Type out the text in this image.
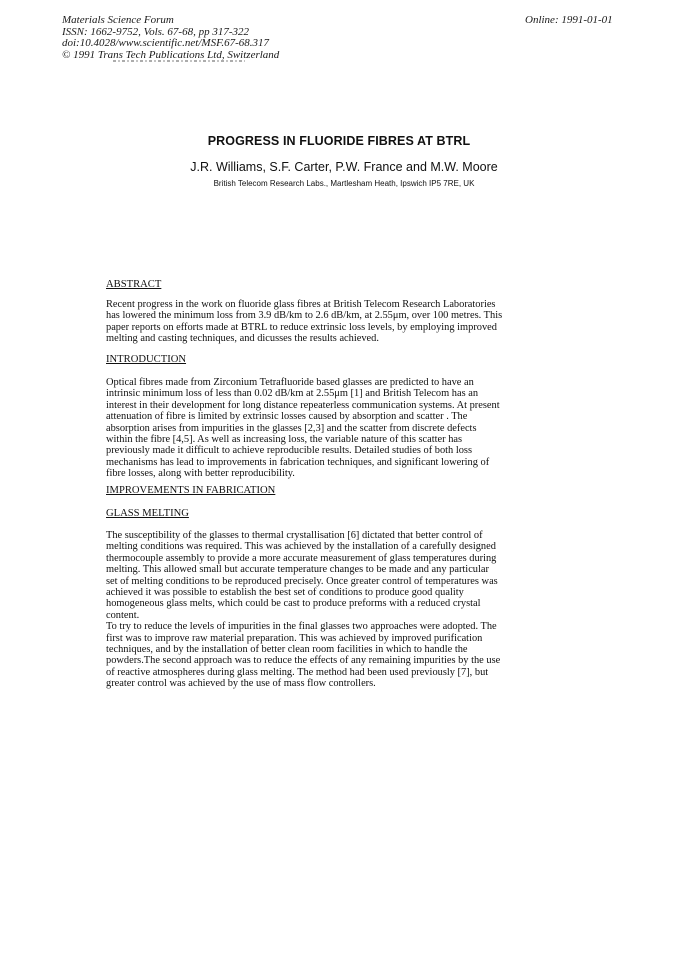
Materials Science Forum
ISSN: 1662-9752, Vols. 67-68, pp 317-322
doi:10.4028/www.scientific.net/MSF.67-68.317
© 1991 Trans Tech Publications Ltd, Switzerland
Online: 1991-01-01
PROGRESS IN FLUORIDE FIBRES AT BTRL
J.R. Williams, S.F. Carter, P.W. France and M.W. Moore
British Telecom Research Labs., Martlesham Heath, Ipswich IP5 7RE, UK
ABSTRACT
Recent progress in the work on fluoride glass fibres at British Telecom Research Laboratories
has lowered the minimum loss from 3.9 dB/km to 2.6 dB/km, at 2.55μm, over 100 metres. This
paper reports on efforts made at BTRL to reduce extrinsic loss levels, by employing improved
melting and casting techniques, and dicusses the results achieved.
INTRODUCTION
Optical fibres made from Zirconium Tetrafluoride based glasses are predicted to have an
intrinsic minimum loss of less than 0.02 dB/km at 2.55μm [1] and British Telecom has an
interest in their development for long distance repeaterless communication systems. At present
attenuation of fibre is limited by extrinsic losses caused by absorption and scatter . The
absorption arises from impurities in the glasses [2,3] and the scatter from discrete defects
within the fibre [4,5]. As well as increasing loss, the variable nature of this scatter has
previously made it difficult to achieve reproducible results. Detailed studies of both loss
mechanisms has lead to improvements in fabrication techniques, and significant lowering of
fibre losses, along with better reproducibility.
IMPROVEMENTS IN FABRICATION
GLASS MELTING
The susceptibility of the glasses to thermal crystallisation [6] dictated that better control of
melting conditions was required. This was achieved by the installation of a carefully designed
thermocouple assembly to provide a more accurate measurement of glass temperatures during
melting. This allowed small but accurate temperature changes to be made and any particular
set of melting conditions to be reproduced precisely. Once greater control of temperatures was
achieved it was possible to establish the best set of conditions to produce good quality
homogeneous glass melts, which could be cast to produce preforms with a reduced crystal
content.
To try to reduce the levels of impurities in the final glasses two approaches were adopted. The
first was to improve raw material preparation. This was achieved by improved purification
techniques, and by the installation of better clean room facilities in which to handle the
powders.The second approach was to reduce the effects of any remaining impurities by the use
of reactive atmospheres during glass melting. The method had been used previously [7], but
greater control was achieved by the use of mass flow controllers.
